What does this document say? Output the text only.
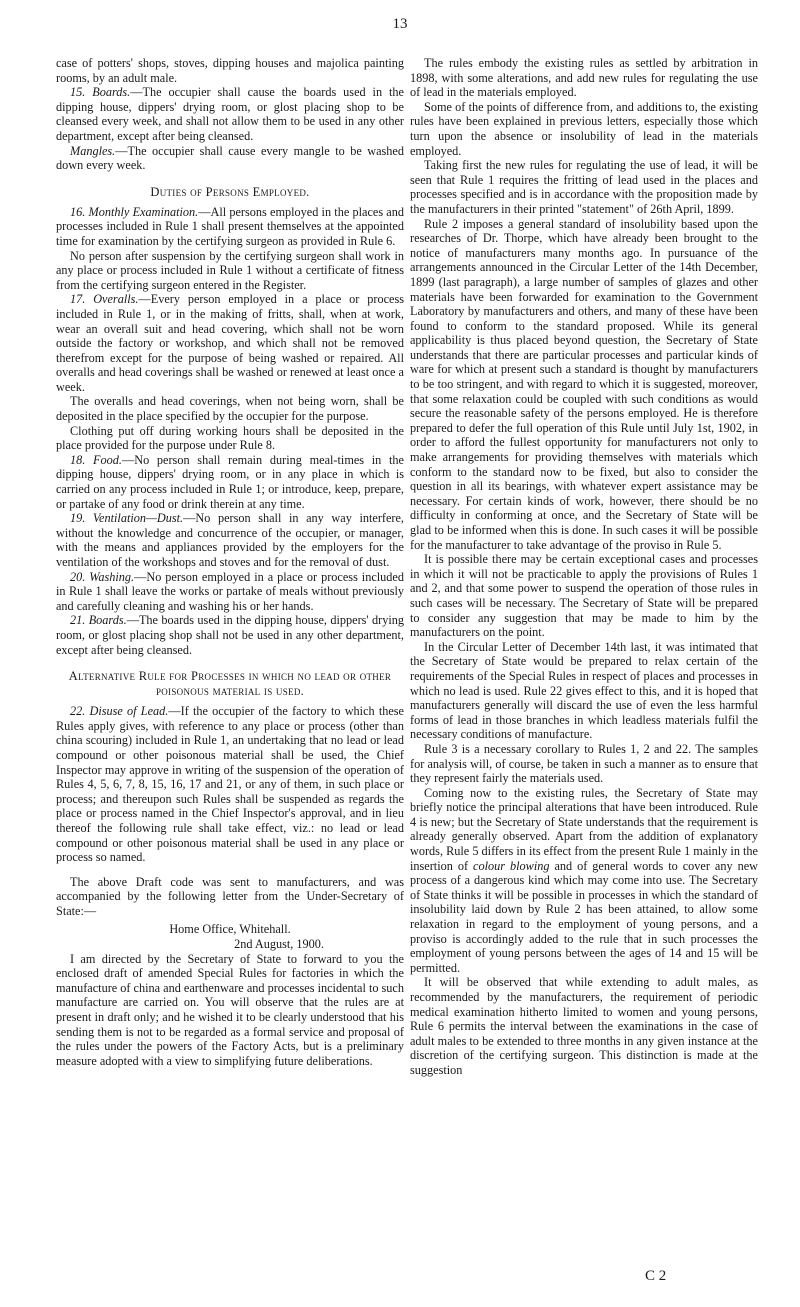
13

case of potters' shops, stoves, dipping houses and majolica painting rooms, by an adult male.

15. Boards.—The occupier shall cause the boards used in the dipping house, dippers' drying room, or glost placing shop to be cleansed every week, and shall not allow them to be used in any other department, except after being cleansed.

Mangles.—The occupier shall cause every mangle to be washed down every week.

Duties of Persons Employed.

16. Monthly Examination.—All persons employed in the places and processes included in Rule 1 shall present themselves at the appointed time for examination by the certifying surgeon as provided in Rule 6.

No person after suspension by the certifying surgeon shall work in any place or process included in Rule 1 without a certificate of fitness from the certifying surgeon entered in the Register.

17. Overalls.—Every person employed in a place or process included in Rule 1, or in the making of fritts, shall, when at work, wear an overall suit and head covering, which shall not be worn outside the factory or workshop, and which shall not be removed therefrom except for the purpose of being washed or repaired. All overalls and head coverings shall be washed or renewed at least once a week.

The overalls and head coverings, when not being worn, shall be deposited in the place specified by the occupier for the purpose.

Clothing put off during working hours shall be deposited in the place provided for the purpose under Rule 8.

18. Food.—No person shall remain during meal-times in the dipping house, dippers' drying room, or in any place in which is carried on any process included in Rule 1; or introduce, keep, prepare, or partake of any food or drink therein at any time.

19. Ventilation—Dust.—No person shall in any way interfere, without the knowledge and concurrence of the occupier, or manager, with the means and appliances provided by the employers for the ventilation of the workshops and stoves and for the removal of dust.

20. Washing.—No person employed in a place or process included in Rule 1 shall leave the works or partake of meals without previously and carefully cleaning and washing his or her hands.

21. Boards.—The boards used in the dipping house, dippers' drying room, or glost placing shop shall not be used in any other department, except after being cleansed.

Alternative Rule for Processes in which no lead or other poisonous material is used.

22. Disuse of Lead.—If the occupier of the factory to which these Rules apply gives, with reference to any place or process (other than china scouring) included in Rule 1, an undertaking that no lead or lead compound or other poisonous material shall be used, the Chief Inspector may approve in writing of the suspension of the operation of Rules 4, 5, 6, 7, 8, 15, 16, 17 and 21, or any of them, in such place or process; and thereupon such Rules shall be suspended as regards the place or process named in the Chief Inspector's approval, and in lieu thereof the following rule shall take effect, viz.: no lead or lead compound or other poisonous material shall be used in any place or process so named.

The above Draft code was sent to manufacturers, and was accompanied by the following letter from the Under-Secretary of State:—

Home Office, Whitehall.

2nd August, 1900.

I am directed by the Secretary of State to forward to you the enclosed draft of amended Special Rules for factories in which the manufacture of china and earthenware and processes incidental to such manufacture are carried on. You will observe that the rules are at present in draft only; and he wished it to be clearly understood that his sending them is not to be regarded as a formal service and proposal of the rules under the powers of the Factory Acts, but is a preliminary measure adopted with a view to simplifying future deliberations.

The rules embody the existing rules as settled by arbitration in 1898, with some alterations, and add new rules for regulating the use of lead in the materials employed.

Some of the points of difference from, and additions to, the existing rules have been explained in previous letters, especially those which turn upon the absence or insolubility of lead in the materials employed.

Taking first the new rules for regulating the use of lead, it will be seen that Rule 1 requires the fritting of lead used in the places and processes specified and is in accordance with the proposition made by the manufacturers in their printed "statement" of 26th April, 1899.

Rule 2 imposes a general standard of insolubility based upon the researches of Dr. Thorpe, which have already been brought to the notice of manufacturers many months ago. In pursuance of the arrangements announced in the Circular Letter of the 14th December, 1899 (last paragraph), a large number of samples of glazes and other materials have been forwarded for examination to the Government Laboratory by manufacturers and others, and many of these have been found to conform to the standard proposed. While its general applicability is thus placed beyond question, the Secretary of State understands that there are particular processes and particular kinds of ware for which at present such a standard is thought by manufacturers to be too stringent, and with regard to which it is suggested, moreover, that some relaxation could be coupled with such conditions as would secure the reasonable safety of the persons employed. He is therefore prepared to defer the full operation of this Rule until July 1st, 1902, in order to afford the fullest opportunity for manufacturers not only to make arrangements for providing themselves with materials which conform to the standard now to be fixed, but also to consider the question in all its bearings, with whatever expert assistance may be necessary. For certain kinds of work, however, there should be no difficulty in conforming at once, and the Secretary of State will be glad to be informed when this is done. In such cases it will be possible for the manufacturer to take advantage of the proviso in Rule 5.

It is possible there may be certain exceptional cases and processes in which it will not be practicable to apply the provisions of Rules 1 and 2, and that some power to suspend the operation of those rules in such cases will be necessary. The Secretary of State will be prepared to consider any suggestion that may be made to him by the manufacturers on the point.

In the Circular Letter of December 14th last, it was intimated that the Secretary of State would be prepared to relax certain of the requirements of the Special Rules in respect of places and processes in which no lead is used. Rule 22 gives effect to this, and it is hoped that manufacturers generally will discard the use of even the less harmful forms of lead in those branches in which leadless materials fulfil the necessary conditions of manufacture.

Rule 3 is a necessary corollary to Rules 1, 2 and 22. The samples for analysis will, of course, be taken in such a manner as to ensure that they represent fairly the materials used.

Coming now to the existing rules, the Secretary of State may briefly notice the principal alterations that have been introduced. Rule 4 is new; but the Secretary of State understands that the requirement is already generally observed. Apart from the addition of explanatory words, Rule 5 differs in its effect from the present Rule 1 mainly in the insertion of colour blowing and of general words to cover any new process of a dangerous kind which may come into use. The Secretary of State thinks it will be possible in processes in which the standard of insolubility laid down by Rule 2 has been attained, to allow some relaxation in regard to the employment of young persons, and a proviso is accordingly added to the rule that in such processes the employment of young persons between the ages of 14 and 15 will be permitted.

It will be observed that while extending to adult males, as recommended by the manufacturers, the requirement of periodic medical examination hitherto limited to women and young persons, Rule 6 permits the interval between the examinations in the case of adult males to be extended to three months in any given instance at the discretion of the certifying surgeon. This distinction is made at the suggestion

C 2
